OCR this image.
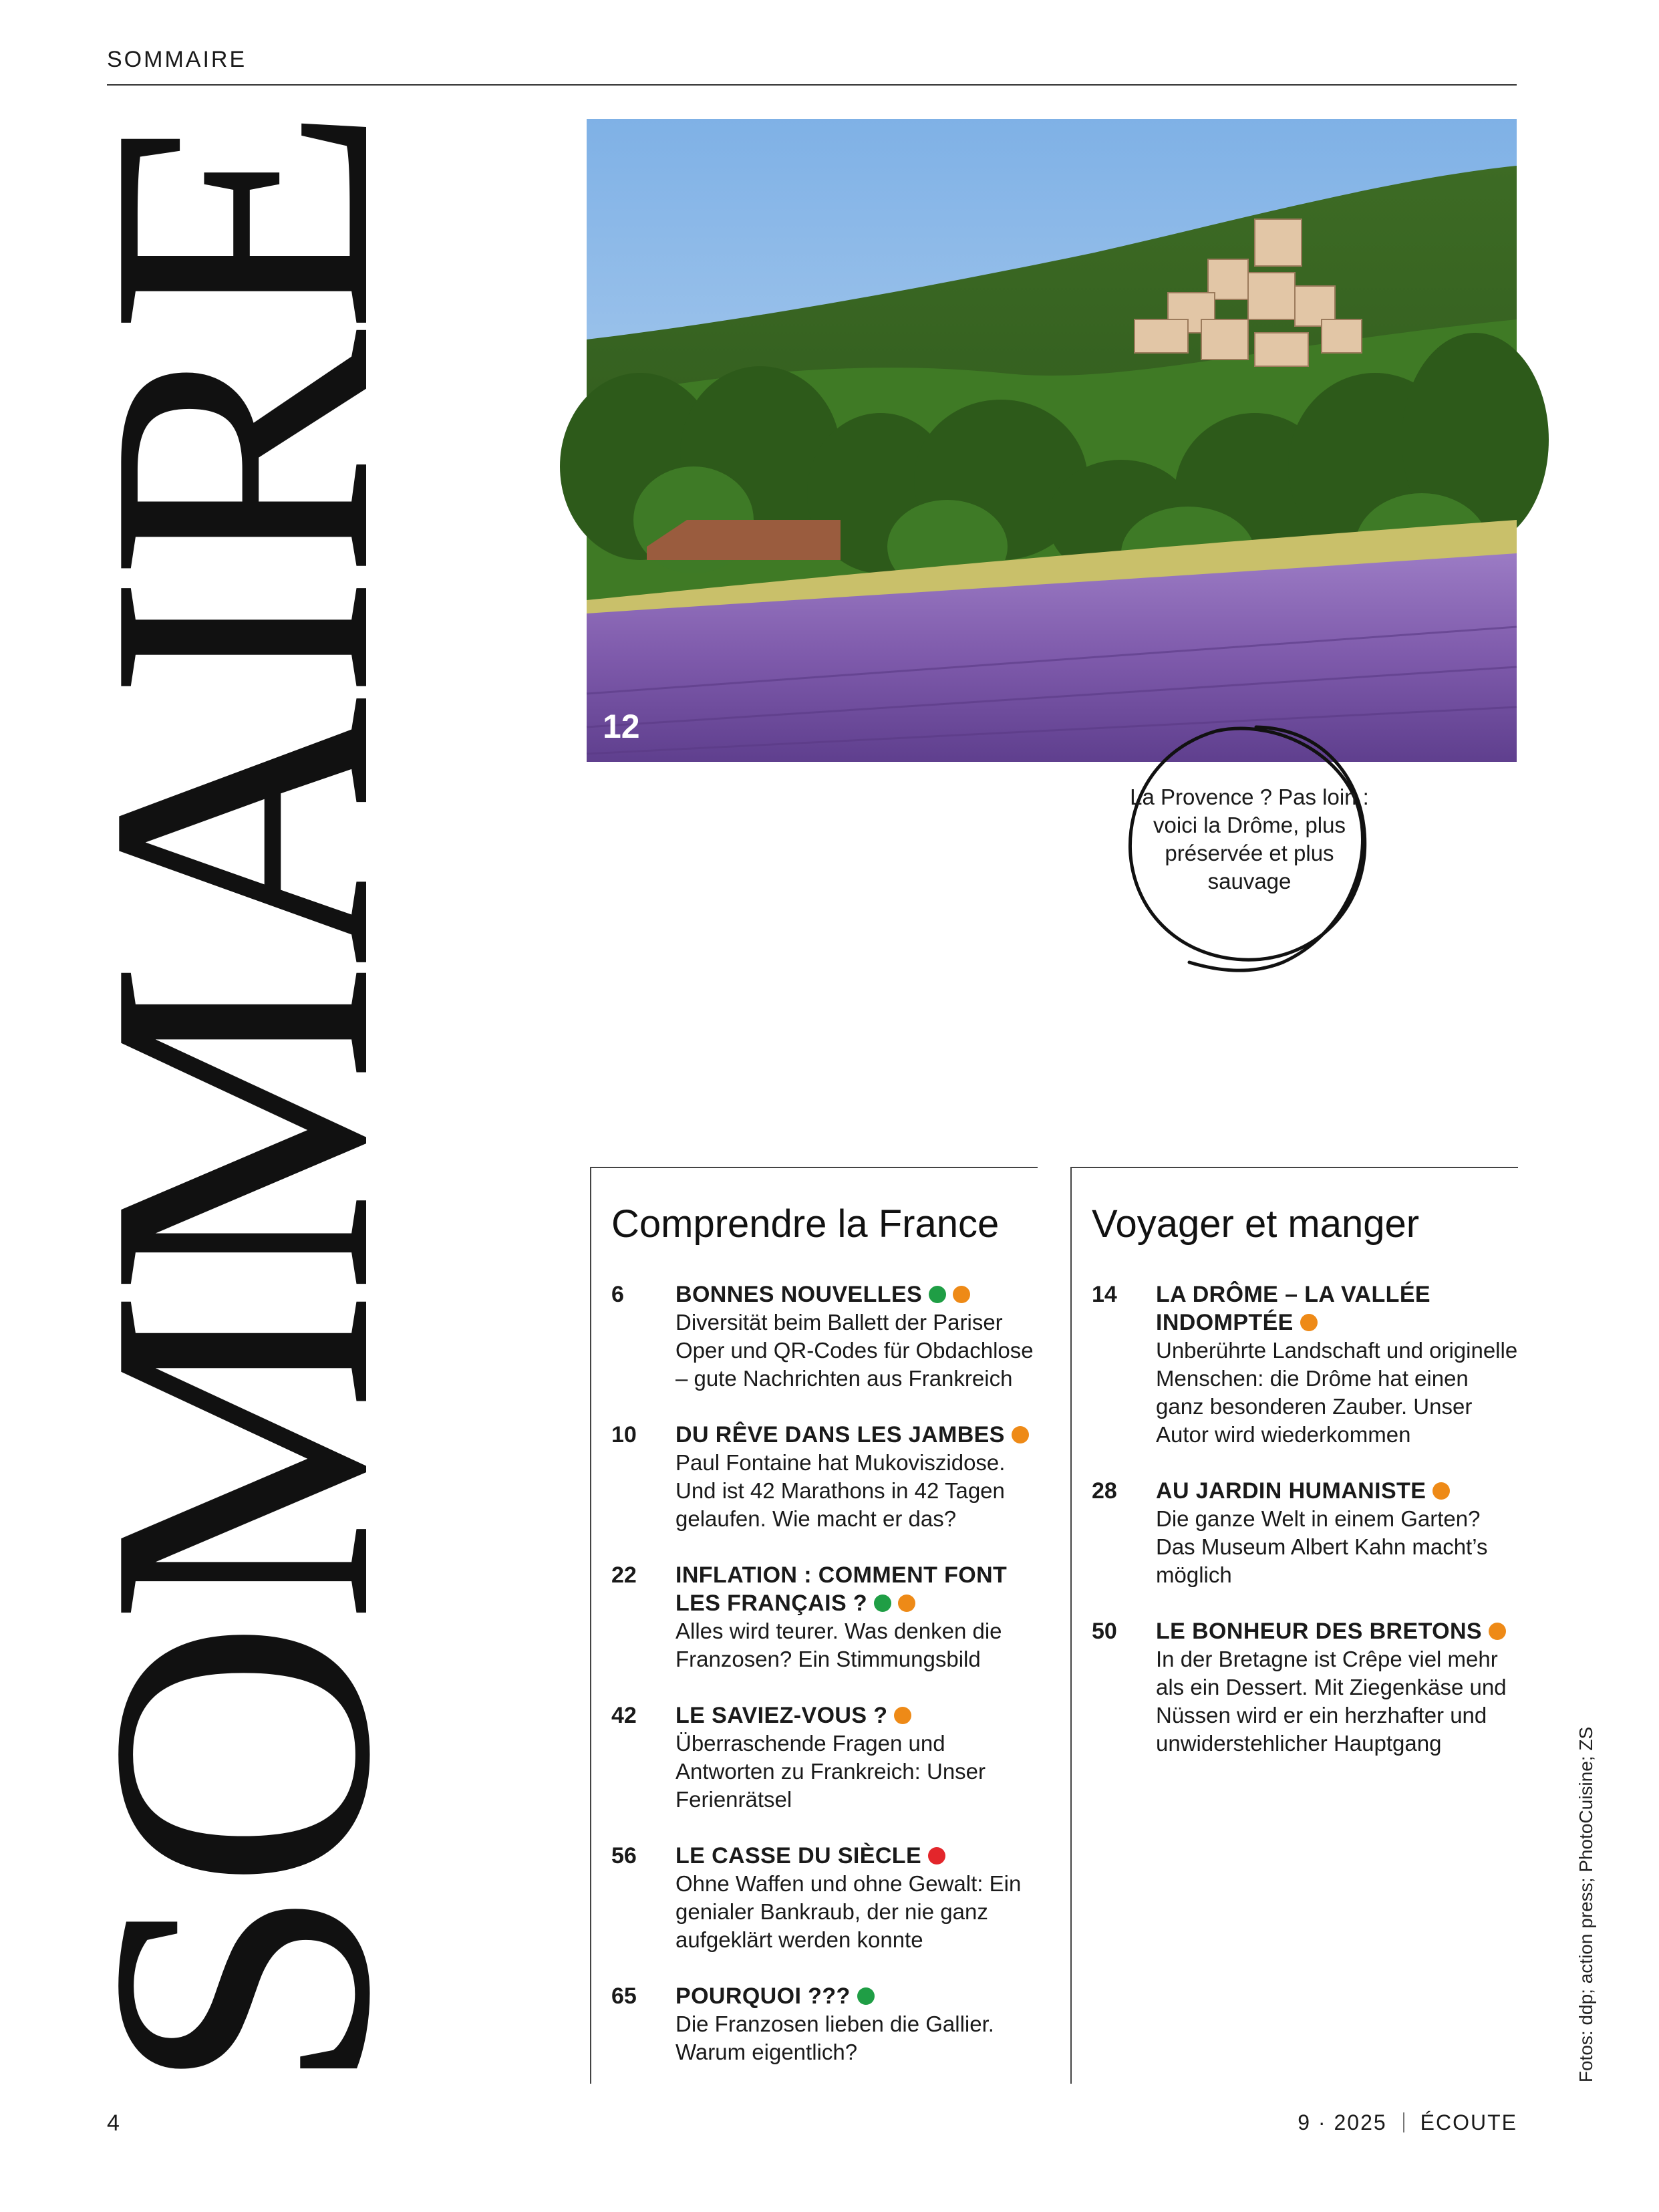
SOMMAIRE
SOMMAIRE	12
La Provence ? Pas loin : voici la Drôme, plus préservée et plus sauvage
Comprendre la France
6 BONNES NOUVELLES
Diversität beim Ballett der Pariser Oper und QR-Codes für Obdachlose – gute Nachrichten aus Frankreich
10 DU RÊVE DANS LES JAMBES
Paul Fontaine hat Mukoviszidose. Und ist 42 Marathons in 42 Tagen gelaufen. Wie macht er das?
22 INFLATION : COMMENT FONT LES FRANÇAIS ?
Alles wird teurer. Was denken die Franzosen? Ein Stimmungsbild
42 LE SAVIEZ-VOUS ?
Überraschende Fragen und Antworten zu Frankreich: Unser Ferienrätsel
56 LE CASSE DU SIÈCLE
Ohne Waffen und ohne Gewalt: Ein genialer Bankraub, der nie ganz aufgeklärt werden konnte
65 POURQUOI ???
Die Franzosen lieben die Gallier. Warum eigentlich?
Voyager et manger
14 LA DRÔME – LA VALLÉE INDOMPTÉE
Unberührte Landschaft und originelle Menschen: die Drôme hat einen ganz besonderen Zauber. Unser Autor wird wiederkommen
28 AU JARDIN HUMANISTE
Die ganze Welt in einem Garten? Das Museum Albert Kahn macht’s möglich
50 LE BONHEUR DES BRETONS
In der Bretagne ist Crêpe viel mehr als ein Dessert. Mit Ziegenkäse und Nüssen wird er ein herzhafter und unwiderstehlicher Hauptgang
4	9 · 2025 ÉCOUTE
Fotos: ddp; action press; PhotoCuisine; ZS
